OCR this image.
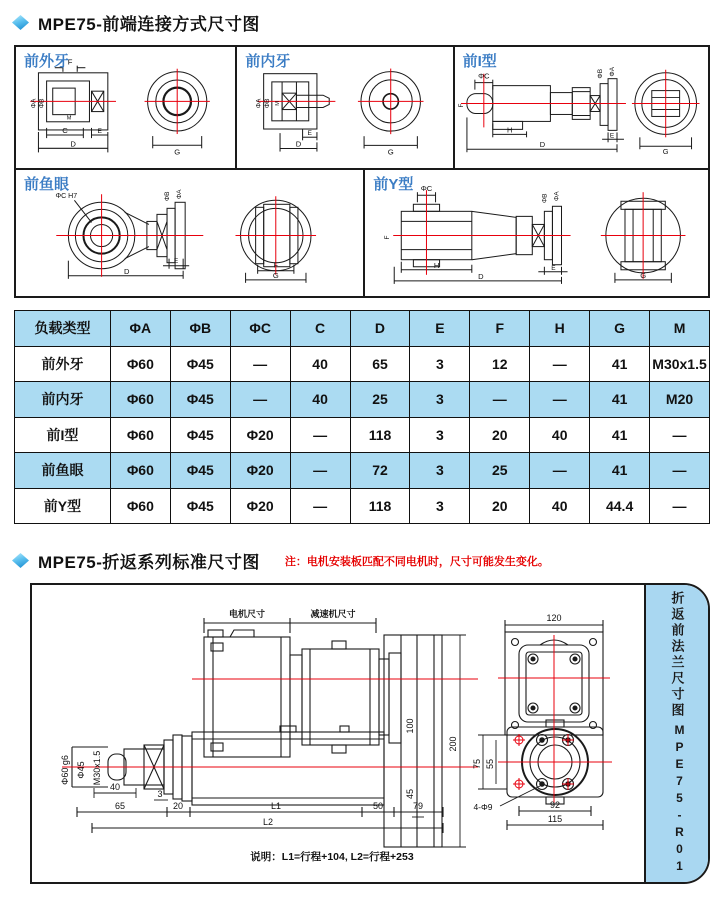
MPE75-前端连接方式尺寸图
前外牙
F
ΦA ΦB
M
C	E
D
G
前内牙
ΦA ΦB M
E
D
G
前I型
ΦC
F
ΦB ΦA
H
E
D
G
前鱼眼
ΦC H7	ΦB ΦA
E
D
F
G
前Y型 ΦC
F
ΦB ΦA
H	E
D	G
负载类型	ΦA	ΦB	ΦC	C	D	E	F	H	G	M
前外牙	Φ60	Φ45	—	40	65	3	12	—	41	M30x1.5
前内牙	Φ60	Φ45	—	40	25	3	—	—	41	M20
前I型	Φ60	Φ45	Φ20	—	118	3	20	40	41	—
前鱼眼	Φ60	Φ45	Φ20	—	72	3	25	—	41	—
前Y型	Φ60	Φ45	Φ20	—	118	3	20	40	44.4	—
MPE75-折返系列标准尺寸图 注：电机安装板匹配不同电机时，尺寸可能发生变化。
电机尺寸	减速机尺寸	120
200
100
45
75 55
Φ60 g6 Φ45 M30x1.5
40
3
65	20	L1	50	79
L2
4-Φ9	92
115
说明：L1=行程+104, L2=行程+253
折返前法兰尺寸图
MPE75-R01
